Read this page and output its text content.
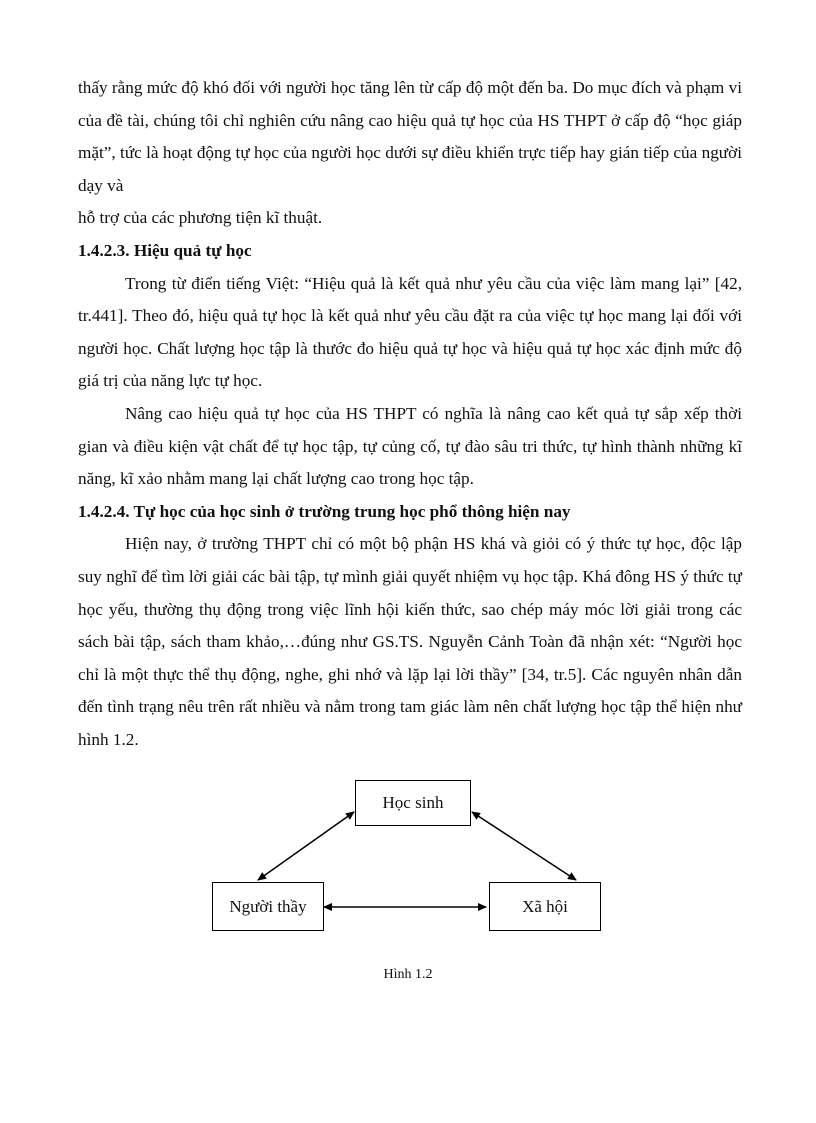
thấy rằng mức độ khó đối với người học tăng lên từ cấp độ một đến ba. Do mục đích và phạm vi của đề tài, chúng tôi chỉ nghiên cứu nâng cao hiệu quả tự học của HS THPT ở cấp độ “học giáp mặt”, tức là hoạt động tự học của người học dưới sự điều khiển trực tiếp hay gián tiếp của người dạy và

hỗ trợ của các phương tiện kĩ thuật.

1.4.2.3. Hiệu quả tự học

Trong từ điển tiếng Việt: “Hiệu quả là kết quả như yêu cầu của việc làm mang lại” [42, tr.441]. Theo đó, hiệu quả tự học là kết quả như yêu cầu đặt ra của việc tự học mang lại đối với người học. Chất lượng học tập là thước đo hiệu quả tự học và hiệu quả tự học xác định mức độ giá trị của năng lực tự học.

Nâng cao hiệu quả tự học của HS THPT có nghĩa là nâng cao kết quả tự sắp xếp thời gian và điều kiện vật chất để tự học tập, tự củng cố, tự đào sâu tri thức, tự hình thành những kĩ năng, kĩ xảo nhằm mang lại chất lượng cao trong học tập.

1.4.2.4. Tự học của học sinh ở trường trung học phổ thông hiện nay

Hiện nay, ở trường THPT chỉ có một bộ phận HS khá và giỏi có ý thức tự học, độc lập suy nghĩ để tìm lời giải các bài tập, tự mình giải quyết nhiệm vụ học tập. Khá đông HS ý thức tự học yếu, thường thụ động trong việc lĩnh hội kiến thức, sao chép máy móc lời giải trong các sách bài tập, sách tham khảo,…đúng như GS.TS. Nguyễn Cảnh Toàn đã nhận xét: “Người học chỉ là một thực thể thụ động, nghe, ghi nhớ và lặp lại lời thầy” [34, tr.5]. Các nguyên nhân dẫn đến tình trạng nêu trên rất nhiều và nằm trong tam giác làm nên chất lượng học tập thể hiện như hình 1.2.

Học sinh
Người thầy	Xã hội
Hình 1.2
